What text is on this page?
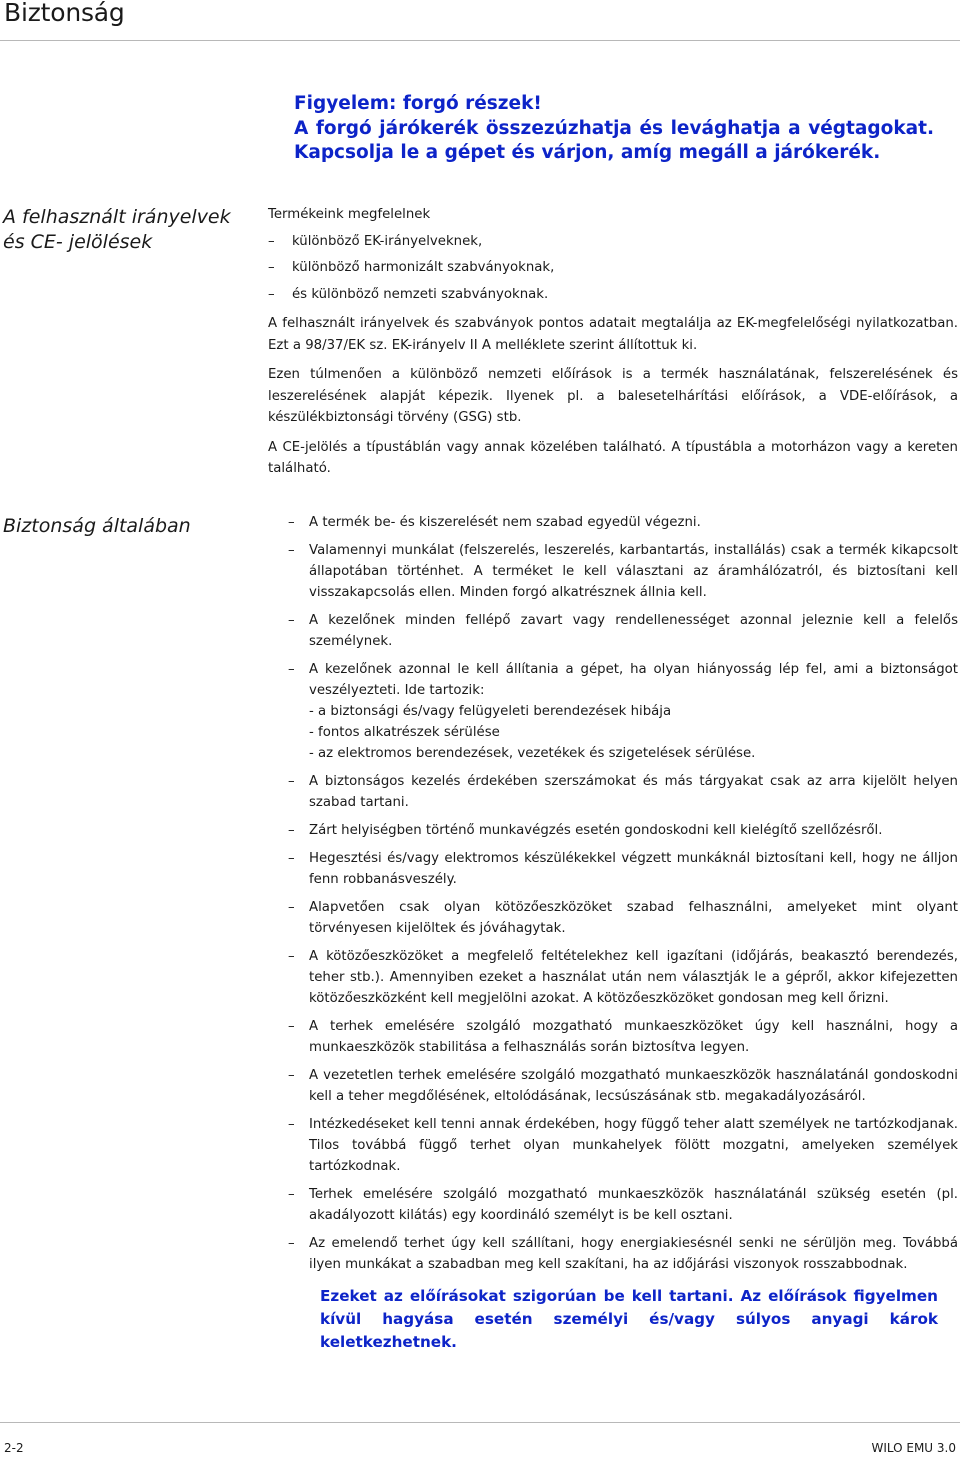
Biztonság
Figyelem: forgó részek!
A forgó járókerék összezúzhatja és levághatja a végtagokat.
Kapcsolja le a gépet és várjon, amíg megáll a járókerék.
A felhasznált irányelvek
és CE- jelölések
Termékeink megfelelnek
– különböző EK-irányelveknek,
– különböző harmonizált szabványoknak,
– és különböző nemzeti szabványoknak.

A felhasznált irányelvek és szabványok pontos adatait megtalálja az EK-megfelelőségi nyilatkozatban. Ezt a 98/37/EK sz. EK-irányelv II A melléklete szerint állítottuk ki.

Ezen túlmenően a különböző nemzeti előírások is a termék használatának, felszerelésének és leszerelésének alapját képezik. Ilyenek pl. a balesetelhárítási előírások, a VDE-előírások, a készülékbiztonsági törvény (GSG) stb.

A CE-jelölés a típustáblán vagy annak közelében található. A típustábla a motorházon vagy a kereten található.

Biztonság általában
–	A termék be- és kiszerelését nem szabad egyedül végezni.
– Valamennyi munkálat (felszerelés, leszerelés, karbantartás, installálás) csak a termék kikapcsolt állapotában történhet. A terméket le kell választani az áramhálózatról, és biztosítani kell visszakapcsolás ellen. Minden forgó alkatrésznek állnia kell.
– A kezelőnek minden fellépő zavart vagy rendellenességet azonnal jeleznie kell a felelős személynek.
– A kezelőnek azonnal le kell állítania a gépet, ha olyan hiányosság lép fel, ami a biztonságot veszélyezteti. Ide tartozik:
- a biztonsági és/vagy felügyeleti berendezések hibája
- fontos alkatrészek sérülése
- az elektromos berendezések, vezetékek és szigetelések sérülése.
– A biztonságos kezelés érdekében szerszámokat és más tárgyakat csak az arra kijelölt helyen szabad tartani.
– Zárt helyiségben történő munkavégzés esetén gondoskodni kell kielégítő szellőzésről.
– Hegesztési és/vagy elektromos készülékekkel végzett munkáknál biztosítani kell, hogy ne álljon fenn robbanásveszély.
– Alapvetően csak olyan kötözőeszközöket szabad felhasználni, amelyeket mint olyant törvényesen kijelöltek és jóváhagytak.
– A kötözőeszközöket a megfelelő feltételekhez kell igazítani (időjárás, beakasztó berendezés, teher stb.). Amennyiben ezeket a használat után nem választják le a gépről, akkor kifejezetten kötözőeszközként kell megjelölni azokat. A kötözőeszközöket gondosan meg kell őrizni.
– A terhek emelésére szolgáló mozgatható munkaeszközöket úgy kell használni, hogy a munkaeszközök stabilitása a felhasználás során biztosítva legyen.
– A vezetetlen terhek emelésére szolgáló mozgatható munkaeszközök használatánál gondoskodni kell a teher megdőlésének, eltolódásának, lecsúszásának stb. megakadályozásáról.
– Intézkedéseket kell tenni annak érdekében, hogy függő teher alatt személyek ne tartózkodjanak. Tilos továbbá függő terhet olyan munkahelyek fölött mozgatni, amelyeken személyek tartózkodnak.
– Terhek emelésére szolgáló mozgatható munkaeszközök használatánál szükség esetén (pl. akadályozott kilátás) egy koordináló személyt is be kell osztani.
– Az emelendő terhet úgy kell szállítani, hogy energiakiesésnél senki ne sérüljön meg. Továbbá ilyen munkákat a szabadban meg kell szakítani, ha az időjárási viszonyok rosszabbodnak.
Ezeket az előírásokat szigorúan be kell tartani. Az előírások figyelmen kívül hagyása esetén személyi és/vagy súlyos anyagi károk keletkezhetnek.
2-2	WILO EMU 3.0
